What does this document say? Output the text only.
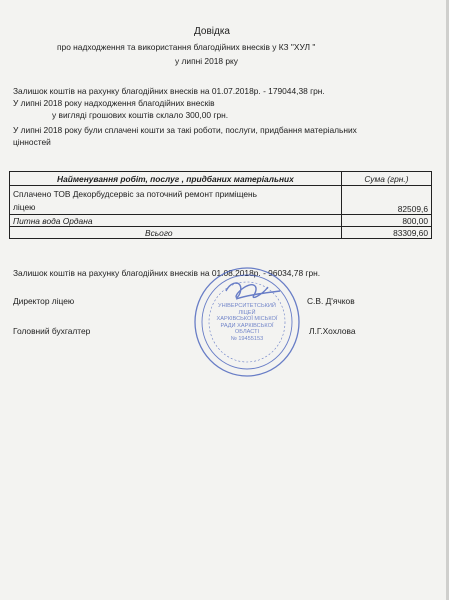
Довідка
про надходження та використання благодійних внесків у КЗ "ХУЛ "
у липні 2018 рку
Залишок коштів на рахунку благодійних внесків на 01.07.2018р. - 179044,38 грн.
У липні 2018 року надходження благодійних внесків
у вигляді грошових коштів склало 300,00 грн.
У липні 2018 року були сплачені кошти за такі роботи, послуги, придбання матеріальних
цінностей
Найменування робіт, послуг , придбаних матеріальних	Сума (грн.)

Сплачено ТОВ Декорбудсервіс за поточний ремонт приміщень
ліцею	82509,6
Питна вода Ордана	800,00
Всього	83309,60
Залишок коштів на рахунку благодійних внесків на 01.08.2018р. - 96034,78 грн.
Директор ліцею	С.В. Д'ячков
Головний бухгалтер	Л.Г.Хохлова
УНІВЕРСИТЕТСЬКИЙ
ЛІЦЕЙ
ХАРКІВСЬКОЇ МІСЬКОЇ
РАДИ ХАРКІВСЬКОЇ
ОБЛАСТІ
№ 19455153
